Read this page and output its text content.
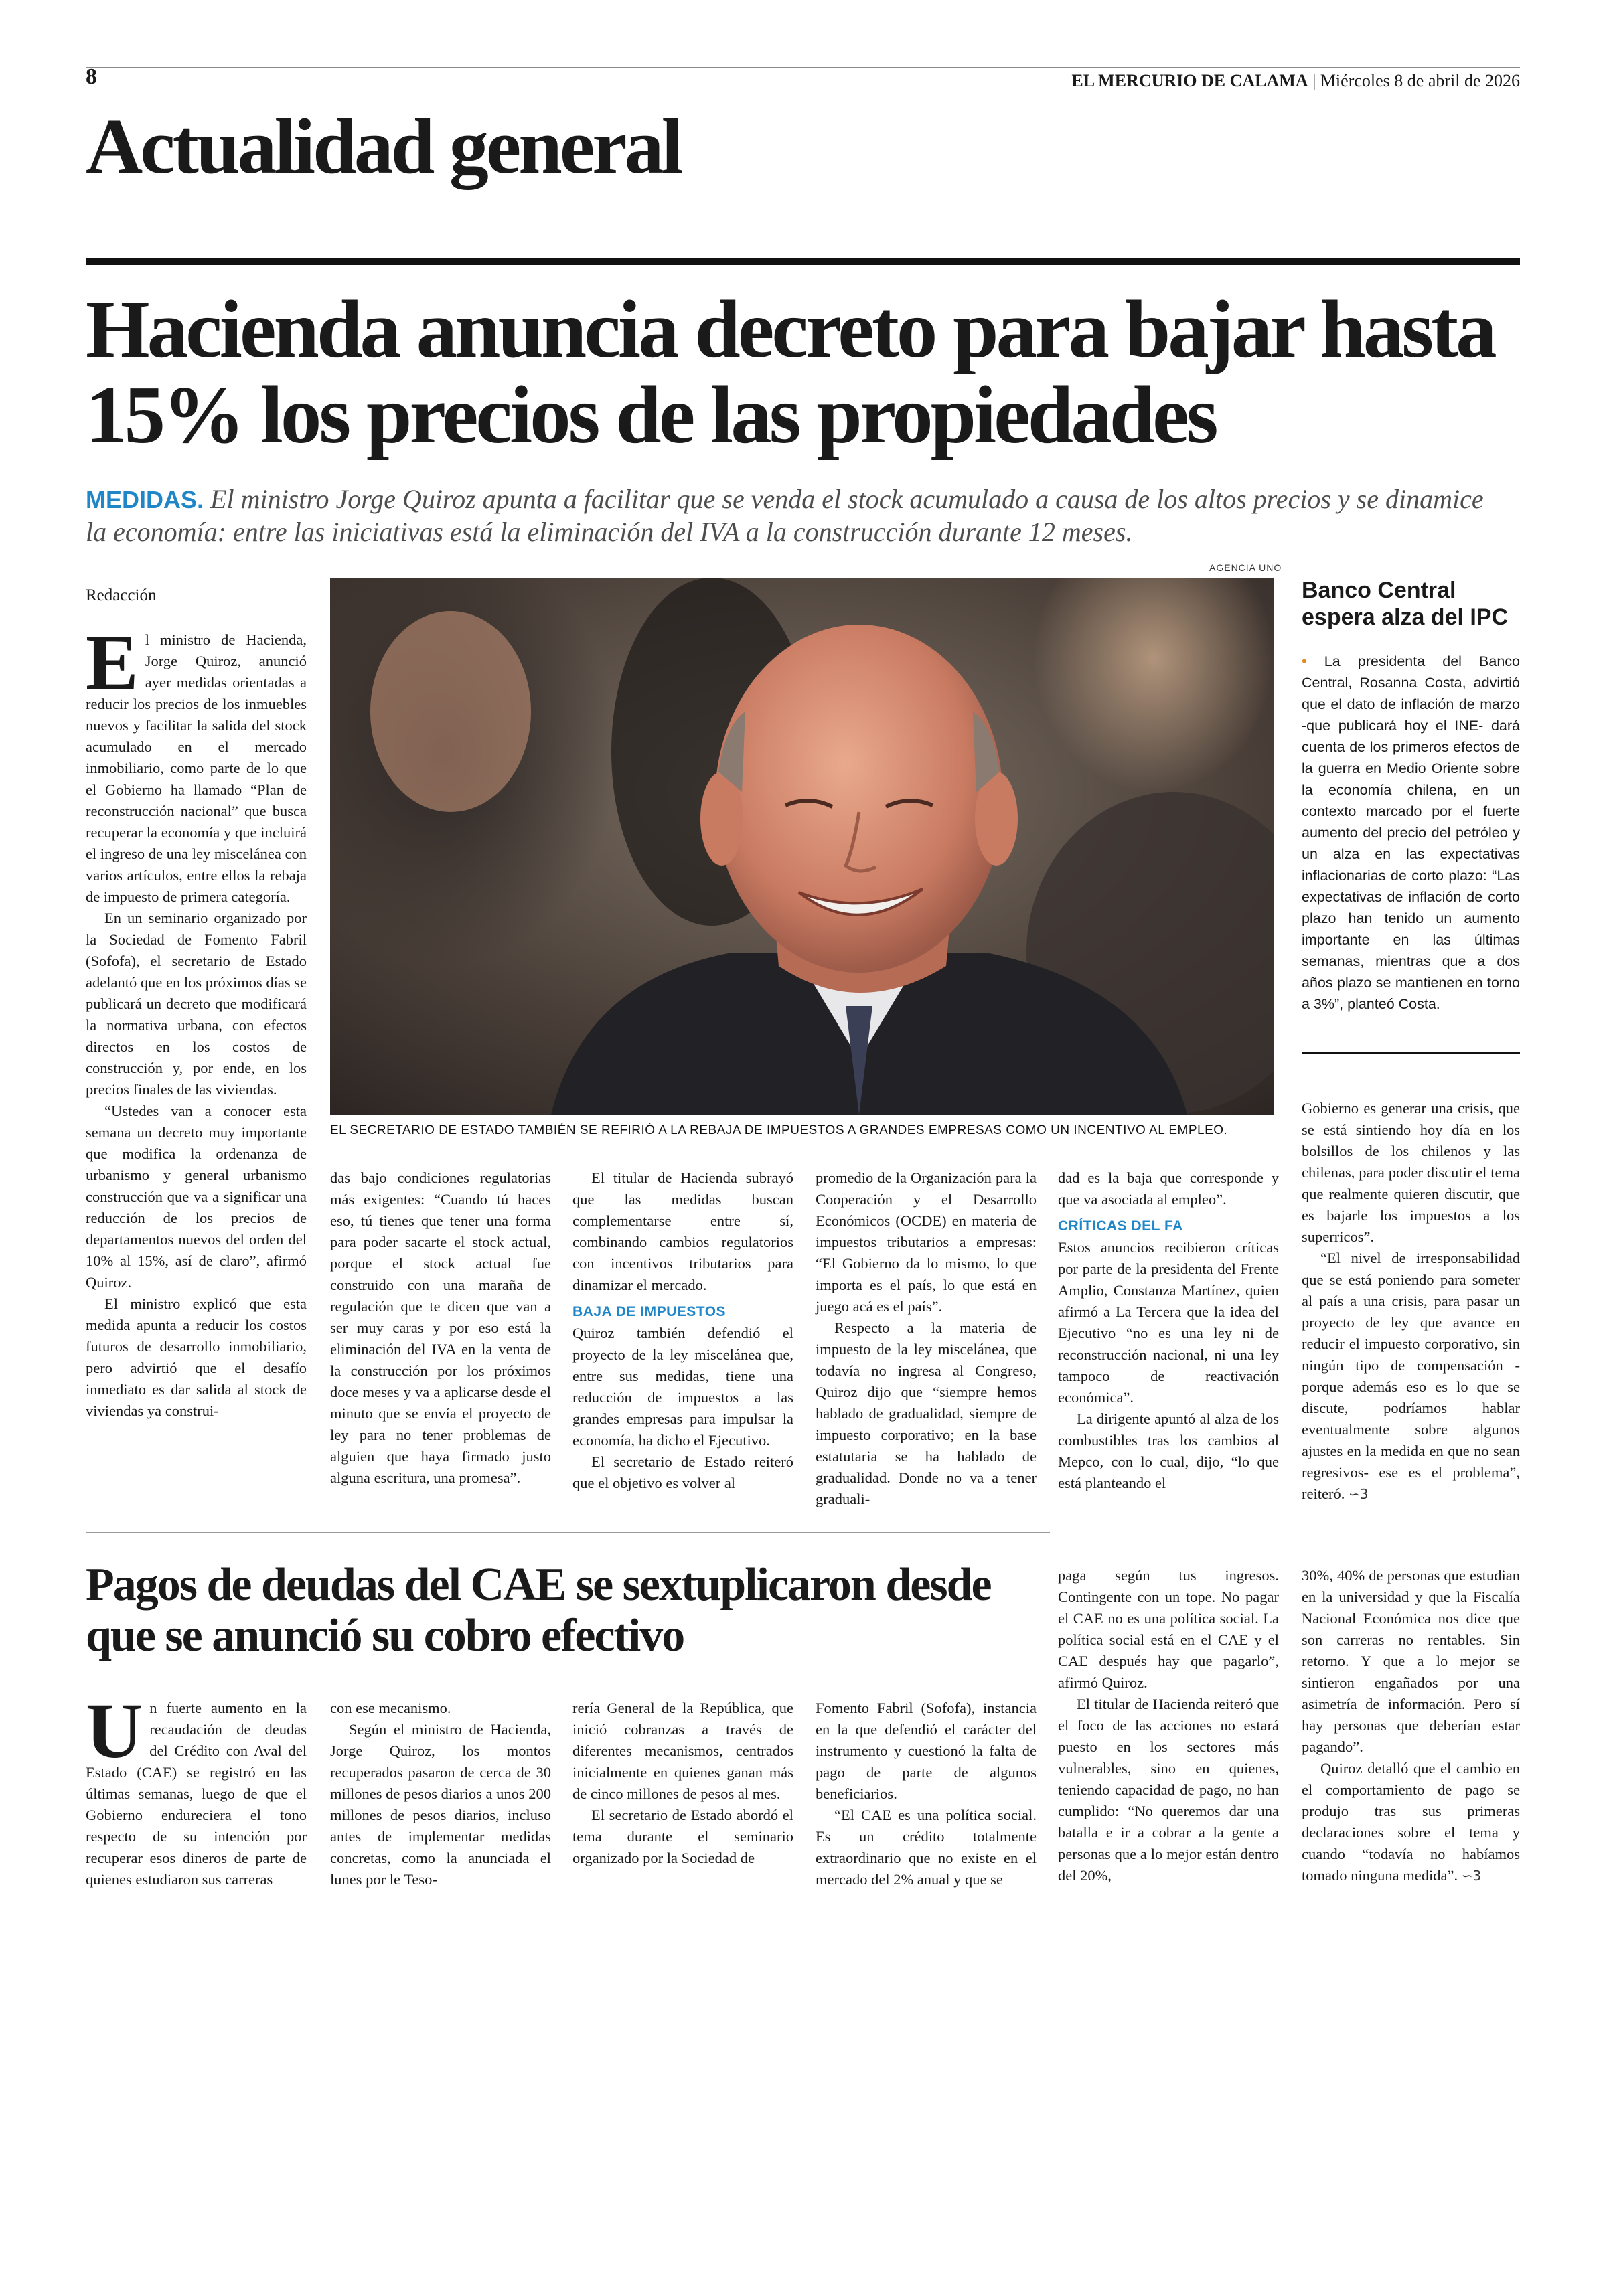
8	EL MERCURIO DE CALAMA | Miércoles 8 de abril de 2026
Actualidad general
Hacienda anuncia decreto para bajar hasta 15% los precios de las propiedades
MEDIDAS. El ministro Jorge Quiroz apunta a facilitar que se venda el stock acumulado a causa de los altos precios y se dinamice la economía: entre las iniciativas está la eliminación del IVA a la construcción durante 12 meses.
AGENCIA UNO
EL SECRETARIO DE ESTADO TAMBIÉN SE REFIRIÓ A LA REBAJA DE IMPUESTOS A GRANDES EMPRESAS COMO UN INCENTIVO AL EMPLEO.
Redacción

El ministro de Hacienda, Jorge Quiroz, anunció ayer medidas orientadas a reducir los precios de los inmuebles nuevos y facilitar la salida del stock acumulado en el mercado inmobiliario, como parte de lo que el Gobierno ha llamado “Plan de reconstrucción nacional” que busca recuperar la economía y que incluirá el ingreso de una ley miscelánea con varios artículos, entre ellos la rebaja de impuesto de primera categoría.

En un seminario organizado por la Sociedad de Fomento Fabril (Sofofa), el secretario de Estado adelantó que en los próximos días se publicará un decreto que modificará la normativa urbana, con efectos directos en los costos de construcción y, por ende, en los precios finales de las viviendas.

“Ustedes van a conocer esta semana un decreto muy importante que modifica la ordenanza de urbanismo y general urbanismo construcción que va a significar una reducción de los precios de departamentos nuevos del orden del 10% al 15%, así de claro”, afirmó Quiroz.

El ministro explicó que esta medida apunta a reducir los costos futuros de desarrollo inmobiliario, pero advirtió que el desafío inmediato es dar salida al stock de viviendas ya construi-

das bajo condiciones regulatorias más exigentes: “Cuando tú haces eso, tú tienes que tener una forma para poder sacarte el stock actual, porque el stock actual fue construido con una maraña de regulación que te dicen que van a ser muy caras y por eso está la eliminación del IVA en la venta de la construcción por los próximos doce meses y va a aplicarse desde el minuto que se envía el proyecto de ley para no tener problemas de alguien que haya firmado justo alguna escritura, una promesa”.

El titular de Hacienda subrayó que las medidas buscan complementarse entre sí, combinando cambios regulatorios con incentivos tributarios para dinamizar el mercado.

BAJA DE IMPUESTOS

Quiroz también defendió el proyecto de la ley miscelánea que, entre sus medidas, tiene una reducción de impuestos a las grandes empresas para impulsar la economía, ha dicho el Ejecutivo.

El secretario de Estado reiteró que el objetivo es volver al

promedio de la Organización para la Cooperación y el Desarrollo Económicos (OCDE) en materia de impuestos tributarios a empresas: “El Gobierno da lo mismo, lo que importa es el país, lo que está en juego acá es el país”.

Respecto a la materia de impuesto de la ley miscelánea, que todavía no ingresa al Congreso, Quiroz dijo que “siempre hemos hablado de gradualidad, siempre de impuesto corporativo; en la base estatutaria se ha hablado de gradualidad. Donde no va a tener graduali-

dad es la baja que corresponde y que va asociada al empleo”.

CRÍTICAS DEL FA

Estos anuncios recibieron críticas por parte de la presidenta del Frente Amplio, Constanza Martínez, quien afirmó a La Tercera que la idea del Ejecutivo “no es una ley ni de reconstrucción nacional, ni una ley tampoco de reactivación económica”.

La dirigente apuntó al alza de los combustibles tras los cambios al Mepco, con lo cual, dijo, “lo que está planteando el

Gobierno es generar una crisis, que se está sintiendo hoy día en los bolsillos de los chilenos y las chilenas, para poder discutir el tema que realmente quieren discutir, que es bajarle los impuestos a los superricos”.

“El nivel de irresponsabilidad que se está poniendo para someter al país a una crisis, para pasar un proyecto de ley que avance en reducir el impuesto corporativo, sin ningún tipo de compensación -porque además eso es lo que se discute, podríamos hablar eventualmente sobre algunos ajustes en la medida en que no sean regresivos- ese es el problema”, reiteró. ∽3

Banco Central espera alza del IPC
• La presidenta del Banco Central, Rosanna Costa, advirtió que el dato de inflación de marzo -que publicará hoy el INE- dará cuenta de los primeros efectos de la guerra en Medio Oriente sobre la economía chilena, en un contexto marcado por el fuerte aumento del precio del petróleo y un alza en las expectativas inflacionarias de corto plazo: “Las expectativas de inflación de corto plazo han tenido un aumento importante en las últimas semanas, mientras que a dos años plazo se mantienen en torno a 3%”, planteó Costa.
Pagos de deudas del CAE se sextuplicaron desde que se anunció su cobro efectivo

Un fuerte aumento en la recaudación de deudas del Crédito con Aval del Estado (CAE) se registró en las últimas semanas, luego de que el Gobierno endureciera el tono respecto de su intención por recuperar esos dineros de parte de quienes estudiaron sus carreras

con ese mecanismo.

Según el ministro de Hacienda, Jorge Quiroz, los montos recuperados pasaron de cerca de 30 millones de pesos diarios a unos 200 millones de pesos diarios, incluso antes de implementar medidas concretas, como la anunciada el lunes por le Teso-

rería General de la República, que inició cobranzas a través de diferentes mecanismos, centrados inicialmente en quienes ganan más de cinco millones de pesos al mes.

El secretario de Estado abordó el tema durante el seminario organizado por la Sociedad de

Fomento Fabril (Sofofa), instancia en la que defendió el carácter del instrumento y cuestionó la falta de pago de parte de algunos beneficiarios.

“El CAE es una política social. Es un crédito totalmente extraordinario que no existe en el mercado del 2% anual y que se

paga según tus ingresos. Contingente con un tope. No pagar el CAE no es una política social. La política social está en el CAE y el CAE después hay que pagarlo”, afirmó Quiroz.

El titular de Hacienda reiteró que el foco de las acciones no estará puesto en los sectores más vulnerables, sino en quienes, teniendo capacidad de pago, no han cumplido: “No queremos dar una batalla e ir a cobrar a la gente a personas que a lo mejor están dentro del 20%,

30%, 40% de personas que estudian en la universidad y que la Fiscalía Nacional Económica nos dice que son carreras no rentables. Sin retorno. Y que a lo mejor se sintieron engañados por una asimetría de información. Pero sí hay personas que deberían estar pagando”.

Quiroz detalló que el cambio en el comportamiento de pago se produjo tras sus primeras declaraciones sobre el tema y cuando “todavía no habíamos tomado ninguna medida”. ∽3
